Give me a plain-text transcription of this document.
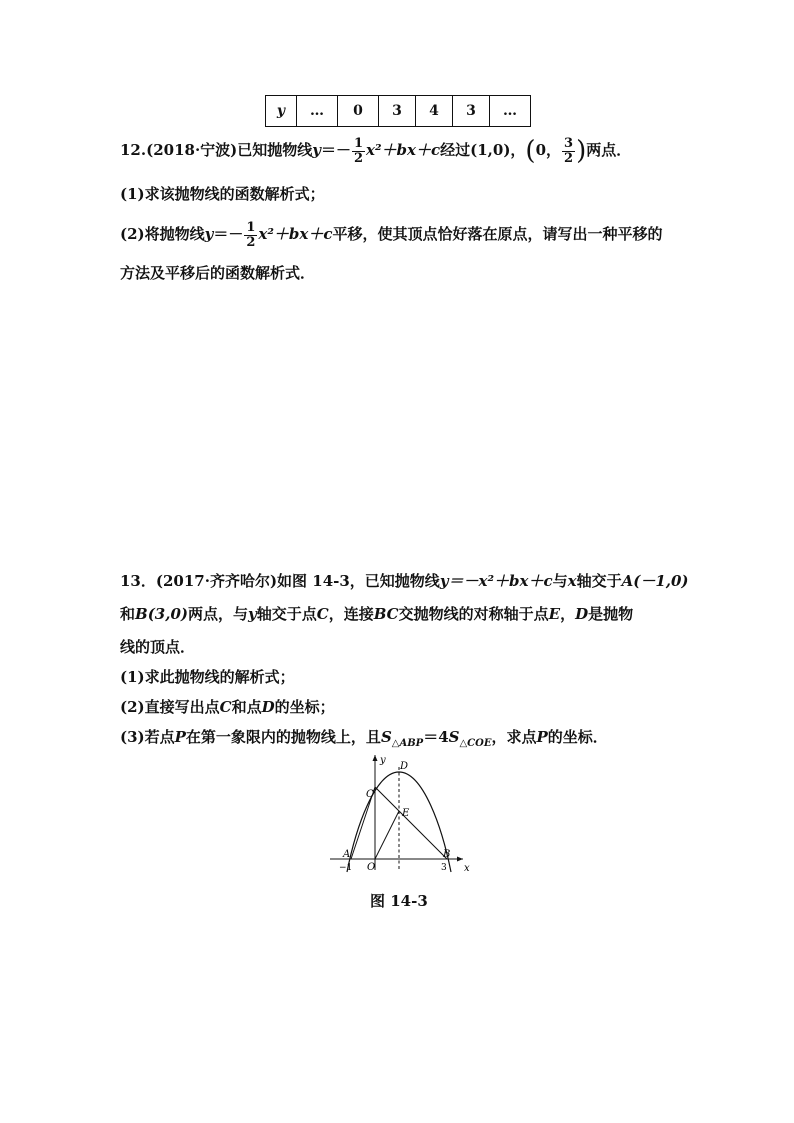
y	…	0	3	4	3	…
12.(2018·宁波)已知抛物线$y=- \frac{1}{2} x^2+bx+c$经过(1,0)，(0， $\frac{3}{2}$ )两点．
(1)求该抛物线的函数解析式；
(2)将抛物线$y=- \frac{1}{2} x^2+bx+c$平移，使其顶点恰好落在原点，请写出一种平移的
方法及平移后的函数解析式．
13．(2017·齐齐哈尔)如图 14-3，已知抛物线y＝－x²＋bx＋c与x轴交于A(－1,0)
和B(3,0)两点，与y轴交于点C，连接BC交抛物线的对称轴于点E，D是抛物
线的顶点．
(1)求此抛物线的解析式；
(2)直接写出点C和点D的坐标；
(3)若点P在第一象限内的抛物线上，且$S_{\triangle ABP}=4S_{\triangle COE}$，求点P的坐标．
y
x
D
C
E
A	B
O
−1	3
图 14-3
